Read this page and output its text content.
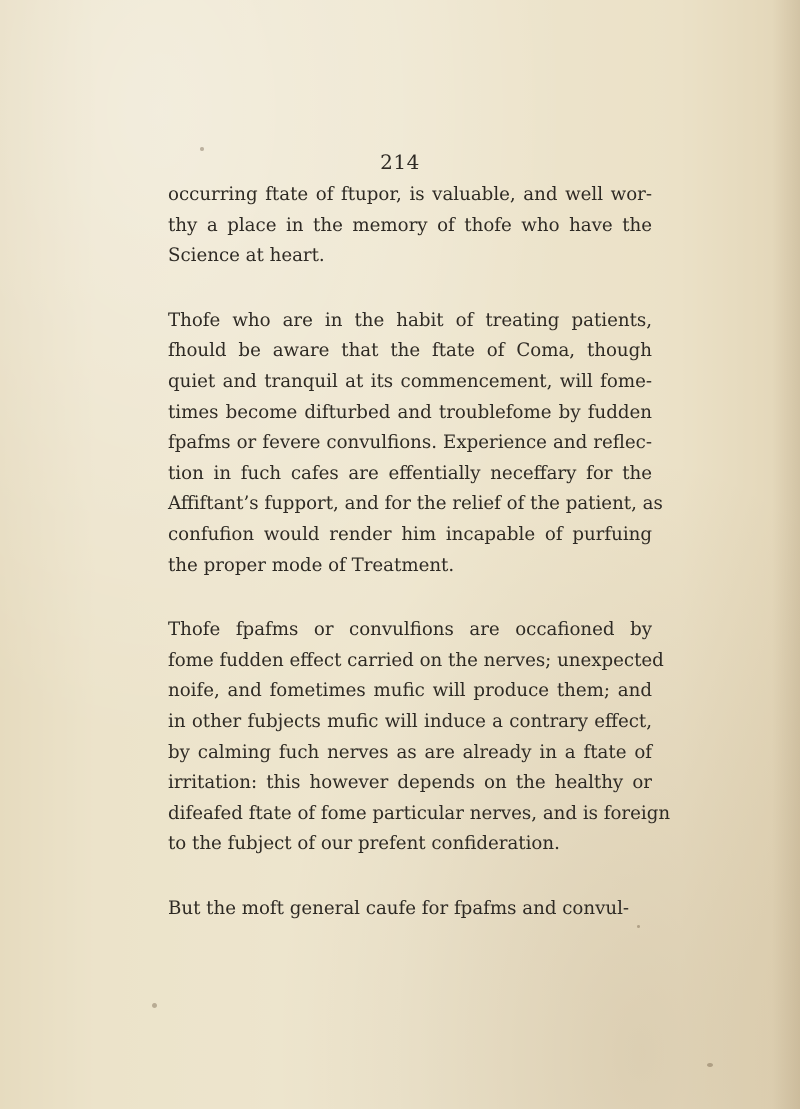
214
occurring ftate of ftupor, is valuable, and well wor-
thy a place in the memory of thofe who have the
Science at heart.
Thofe who are in the habit of treating patients,
fhould be aware that the ftate of Coma, though
quiet and tranquil at its commencement, will fome-
times become difturbed and troublefome by fudden
fpafms or fevere convulfions. Experience and reflec-
tion in fuch cafes are effentially neceffary for the
Affiftant’s fupport, and for the relief of the patient, as
confufion would render him incapable of purfuing
the proper mode of Treatment.
Thofe fpafms or convulfions are occafioned by
fome fudden effect carried on the nerves; unexpected
noife, and fometimes mufic will produce them; and
in other fubjects mufic will induce a contrary effect,
by calming fuch nerves as are already in a ftate of
irritation: this however depends on the healthy or
difeafed ftate of fome particular nerves, and is foreign
to the fubject of our prefent confideration.
But the moft general caufe for fpafms and convul-
